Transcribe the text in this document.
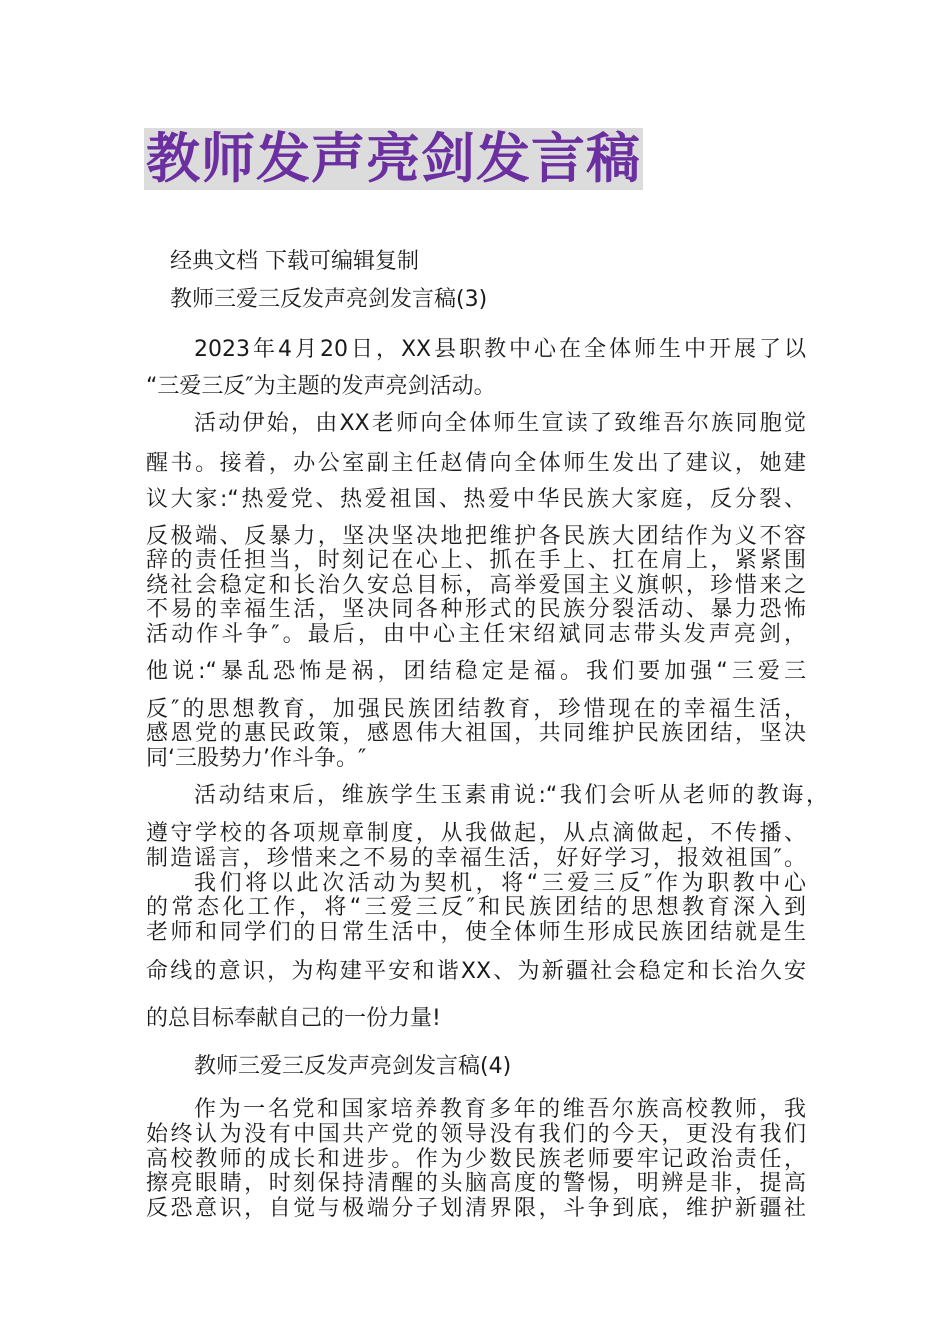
教师发声亮剑发言稿
经典文档 下载可编辑复制
教师三爱三反发声亮剑发言稿(3)
2023年4月20日，XX县职教中心在全体师生中开展了以
“三爱三反″为主题的发声亮剑活动。
活动伊始，由XX老师向全体师生宣读了致维吾尔族同胞觉
醒书。接着，办公室副主任赵倩向全体师生发出了建议，她建
议大家:“热爱党、热爱祖国、热爱中华民族大家庭，反分裂、
反极端、反暴力，坚决坚决地把维护各民族大团结作为义不容
辞的责任担当，时刻记在心上、抓在手上、扛在肩上，紧紧围
绕社会稳定和长治久安总目标，高举爱国主义旗帜，珍惜来之
不易的幸福生活，坚决同各种形式的民族分裂活动、暴力恐怖
活动作斗争″。最后，由中心主任宋绍斌同志带头发声亮剑，
他说:“暴乱恐怖是祸，团结稳定是福。我们要加强“三爱三
反″的思想教育，加强民族团结教育，珍惜现在的幸福生活，
感恩党的惠民政策，感恩伟大祖国，共同维护民族团结，坚决
同‘三股势力’作斗争。″
活动结束后，维族学生玉素甫说:“我们会听从老师的教诲，
遵守学校的各项规章制度，从我做起，从点滴做起，不传播、
制造谣言，珍惜来之不易的幸福生活，好好学习，报效祖国″。
我们将以此次活动为契机，将“三爱三反″作为职教中心
的常态化工作，将“三爱三反″和民族团结的思想教育深入到
老师和同学们的日常生活中，使全体师生形成民族团结就是生
命线的意识，为构建平安和谐XX、为新疆社会稳定和长治久安
的总目标奉献自己的一份力量!
教师三爱三反发声亮剑发言稿(4)
作为一名党和国家培养教育多年的维吾尔族高校教师，我
始终认为没有中国共产党的领导没有我们的今天，更没有我们
高校教师的成长和进步。作为少数民族老师要牢记政治责任，
擦亮眼睛，时刻保持清醒的头脑高度的警惕，明辨是非，提高
反恐意识，自觉与极端分子划清界限，斗争到底，维护新疆社
